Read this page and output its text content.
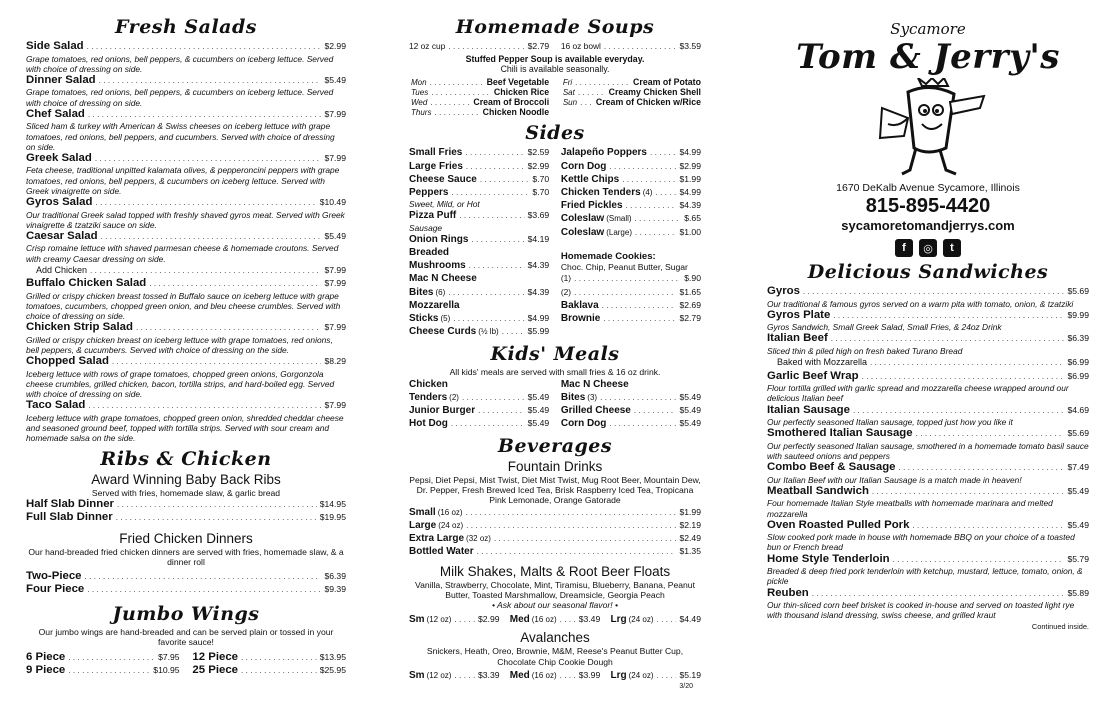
Fresh Salads
Side Salad .....	$2.99
Grape tomatoes, red onions, bell peppers, & cucumbers on iceberg lettuce. Served with choice of dressing on side.
Dinner Salad .....	$5.49
Grape tomatoes, red onions, bell peppers, & cucumbers on iceberg lettuce. Served with choice of dressing on side.
Chef Salad .....	$7.99
Sliced ham & turkey with American & Swiss cheeses on iceberg lettuce with grape tomatoes, red onions, bell peppers, and cucumbers. Served with choice of dressing on side.
Greek Salad .....	$7.99
Feta cheese, traditional unpitted kalamata olives, & pepperoncini peppers with grape tomatoes, red onions, bell peppers, & cucumbers on iceberg lettuce. Served with Greek vinaigrette on side.
Gyros Salad .....	$10.49
Our traditional Greek salad topped with freshly shaved gyros meat. Served with Greek vinaigrette & tzatziki sauce on side.
Caesar Salad .....	$5.49
Crisp romaine lettuce with shaved parmesan cheese & homemade croutons. Served with creamy Caesar dressing on side.
Add Chicken .....	$7.99
Buffalo Chicken Salad .....	$7.99
Grilled or crispy chicken breast tossed in Buffalo sauce on iceberg lettuce with grape tomatoes, cucumbers, chopped green onion, and bleu cheese crumbles. Served with choice of dressing on side.
Chicken Strip Salad .....	$7.99
Grilled or crispy chicken breast on iceberg lettuce with grape tomatoes, red onions, bell peppers, & cucumbers. Served with choice of dressing on the side.
Chopped Salad .....	$8.29
Iceberg lettuce with rows of grape tomatoes, chopped green onions, Gorgonzola cheese crumbles, grilled chicken, bacon, tortilla strips, and hard-boiled egg. Served with choice of dressing on side.
Taco Salad .....	$7.99
Iceberg lettuce with grape tomatoes, chopped green onion, shredded cheddar cheese and seasoned ground beef, topped with tortilla strips. Served with sour cream and homemade salsa on the side.
Ribs & Chicken
Award Winning Baby Back Ribs
Served with fries, homemade slaw, & garlic bread
Half Slab Dinner .....	$14.95
Full Slab Dinner .....	$19.95
Fried Chicken Dinners
Our hand-breaded fried chicken dinners are served with fries, homemade slaw, & a dinner roll
Two-Piece .....	$6.39
Four Piece .....	$9.39
Jumbo Wings
Our jumbo wings are hand-breaded and can be served plain or tossed in your favorite sauce!
6 Piece .....	$7.95
9 Piece .....	$10.95
12 Piece .....	$13.95
25 Piece .....	$25.95
Homemade Soups
12 oz cup .....	$2.79 16 oz bowl .....	$3.59
Stuffed Pepper Soup is available everyday.
Chili is available seasonally.
Mon .....	Beef Vegetable
Tues .....	Chicken Rice
Wed .....	Cream of Broccoli
Thurs .....	Chicken Noodle
Fri .....	Cream of Potato
Sat .....	Creamy Chicken Shell
Sun ..... Cream of Chicken w/Rice
Sides
Small Fries .....	$2.59
Large Fries .....	$2.99
Cheese Sauce .....	$.70
Peppers .....	$.70
Sweet, Mild, or Hot
Pizza Puff .....	$3.69
Sausage
Onion Rings .....	$4.19
Breaded
Mushrooms .....	$4.39
Mac N Cheese
Bites (6) .....	$4.39
Mozzarella
Sticks (5) .....	$4.99
Cheese Curds (½ lb) .....	$5.99
Jalapeño Poppers .....	$4.99
Corn Dog .....	$2.99
Kettle Chips .....	$1.99
Chicken Tenders (4) .....	$4.99
Fried Pickles .....	$4.39
Coleslaw (Small) .....	$.65
Coleslaw (Large) .....	$1.00
Homemade Cookies:
Choc. Chip, Peanut Butter, Sugar
(1) .....	$.90
(2) .....	$1.65
Baklava .....	$2.69
Brownie .....	$2.79
Kids' Meals
All kids' meals are served with small fries & 16 oz drink.
Chicken
Tenders (2) .....	$5.49
Junior Burger .....	$5.49
Hot Dog .....	$5.49
Mac N Cheese
Bites (3) .....	$5.49
Grilled Cheese .....	$5.49
Corn Dog .....	$5.49
Beverages
Fountain Drinks
Pepsi, Diet Pepsi, Mist Twist, Diet Mist Twist, Mug Root Beer, Mountain Dew, Dr. Pepper, Fresh Brewed Iced Tea, Brisk Raspberry Iced Tea, Tropicana Pink Lemonade, Orange Gatorade
Small (16 oz) .....	$1.99
Large (24 oz) .....	$2.19
Extra Large (32 oz) .....	$2.49
Bottled Water .....	$1.35
Milk Shakes, Malts & Root Beer Floats
Vanilla, Strawberry, Chocolate, Mint, Tiramisu, Blueberry, Banana, Peanut Butter, Toasted Marshmallow, Dreamsicle, Georgia Peach
• Ask about our seasonal flavor! •
Sm (12 oz) .....	$2.99 Med (16 oz) .....	$3.49 Lrg (24 oz) .....	$4.49
Avalanches
Snickers, Heath, Oreo, Brownie, M&M, Reese's Peanut Butter Cup, Chocolate Chip Cookie Dough
Sm (12 oz) .....	$3.39 Med (16 oz) .....	$3.99 Lrg (24 oz) .....	$5.19
3/20
Sycamore
Tom & Jerry's
1670 DeKalb Avenue Sycamore, Illinois
815-895-4420
sycamoretomandjerrys.com
f	◎	t
Delicious Sandwiches
Gyros .....	$5.69
Our traditional & famous gyros served on a warm pita with tomato, onion, & tzatziki
Gyros Plate .....	$9.99
Gyros Sandwich, Small Greek Salad, Small Fries, & 24oz Drink
Italian Beef .....	$6.39
Sliced thin & piled high on fresh baked Turano Bread
Baked with Mozzarella .....	$6.99
Garlic Beef Wrap .....	$6.99
Flour tortilla grilled with garlic spread and mozzarella cheese wrapped around our delicious Italian beef
Italian Sausage .....	$4.69
Our perfectly seasoned Italian sausage, topped just how you like it
Smothered Italian Sausage .....	$5.69
Our perfectly seasoned Italian sausage, smothered in a homemade tomato basil sauce with sauteed onions and peppers
Combo Beef & Sausage .....	$7.49
Our Italian Beef with our Italian Sausage is a match made in heaven!
Meatball Sandwich .....	$5.49
Four homemade Italian Style meatballs with homemade marinara and melted mozzarella
Oven Roasted Pulled Pork .....	$5.49
Slow cooked pork made in house with homemade BBQ on your choice of a toasted bun or French bread
Home Style Tenderloin .....	$5.79
Breaded & deep fried pork tenderloin with ketchup, mustard, lettuce, tomato, onion, & pickle
Reuben .....	$5.89
Our thin-sliced corn beef brisket is cooked in-house and served on toasted light rye with thousand island dressing, swiss cheese, and grilled kraut
Continued inside.
